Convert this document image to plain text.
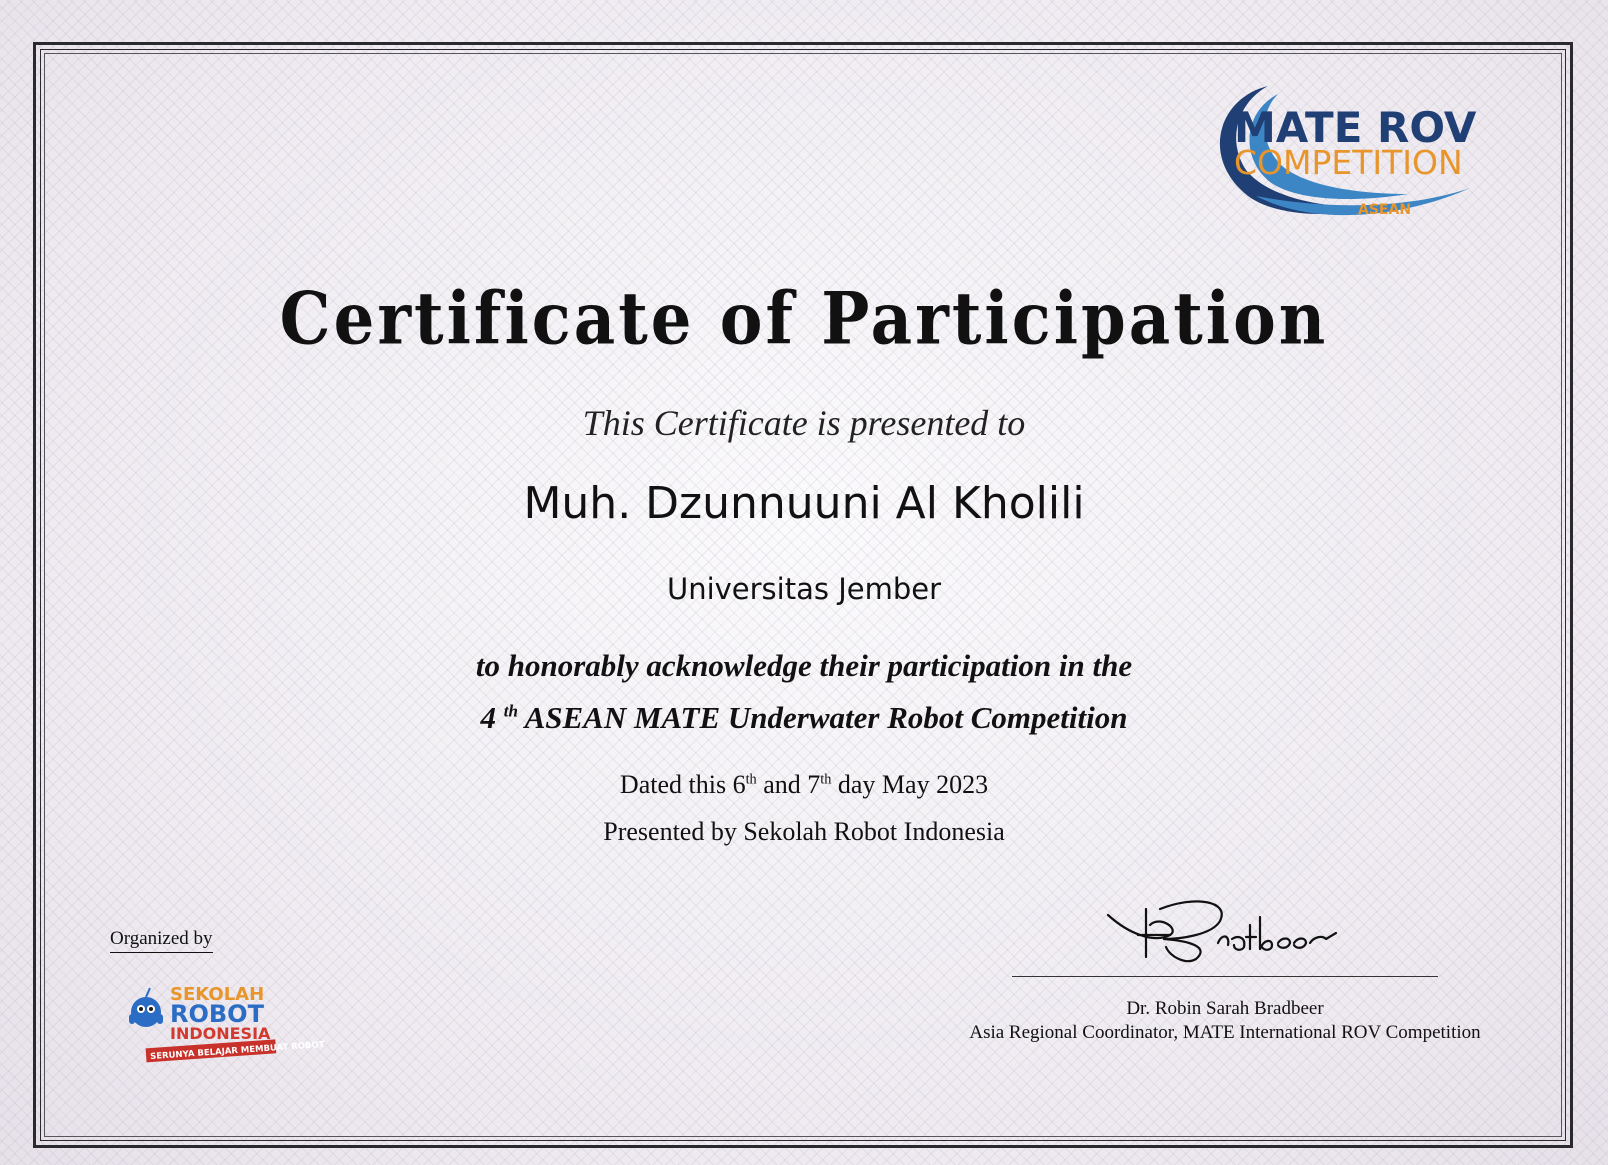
MATE ROV
COMPETITION
ASEAN
Certificate of Participation
This Certificate is presented to
Muh. Dzunnuuni Al Kholili
Universitas Jember
to honorably acknowledge their participation in the
4 $^{th}$ ASEAN MATE Underwater Robot Competition
Dated this 6th and 7th day May 2023
Presented by Sekolah Robot Indonesia
Organized by
SEKOLAH
ROBOT
INDONESIA
SERUNYA BELAJAR MEMBUAT ROBOT
Dr. Robin Sarah Bradbeer
Asia Regional Coordinator, MATE International ROV Competition
